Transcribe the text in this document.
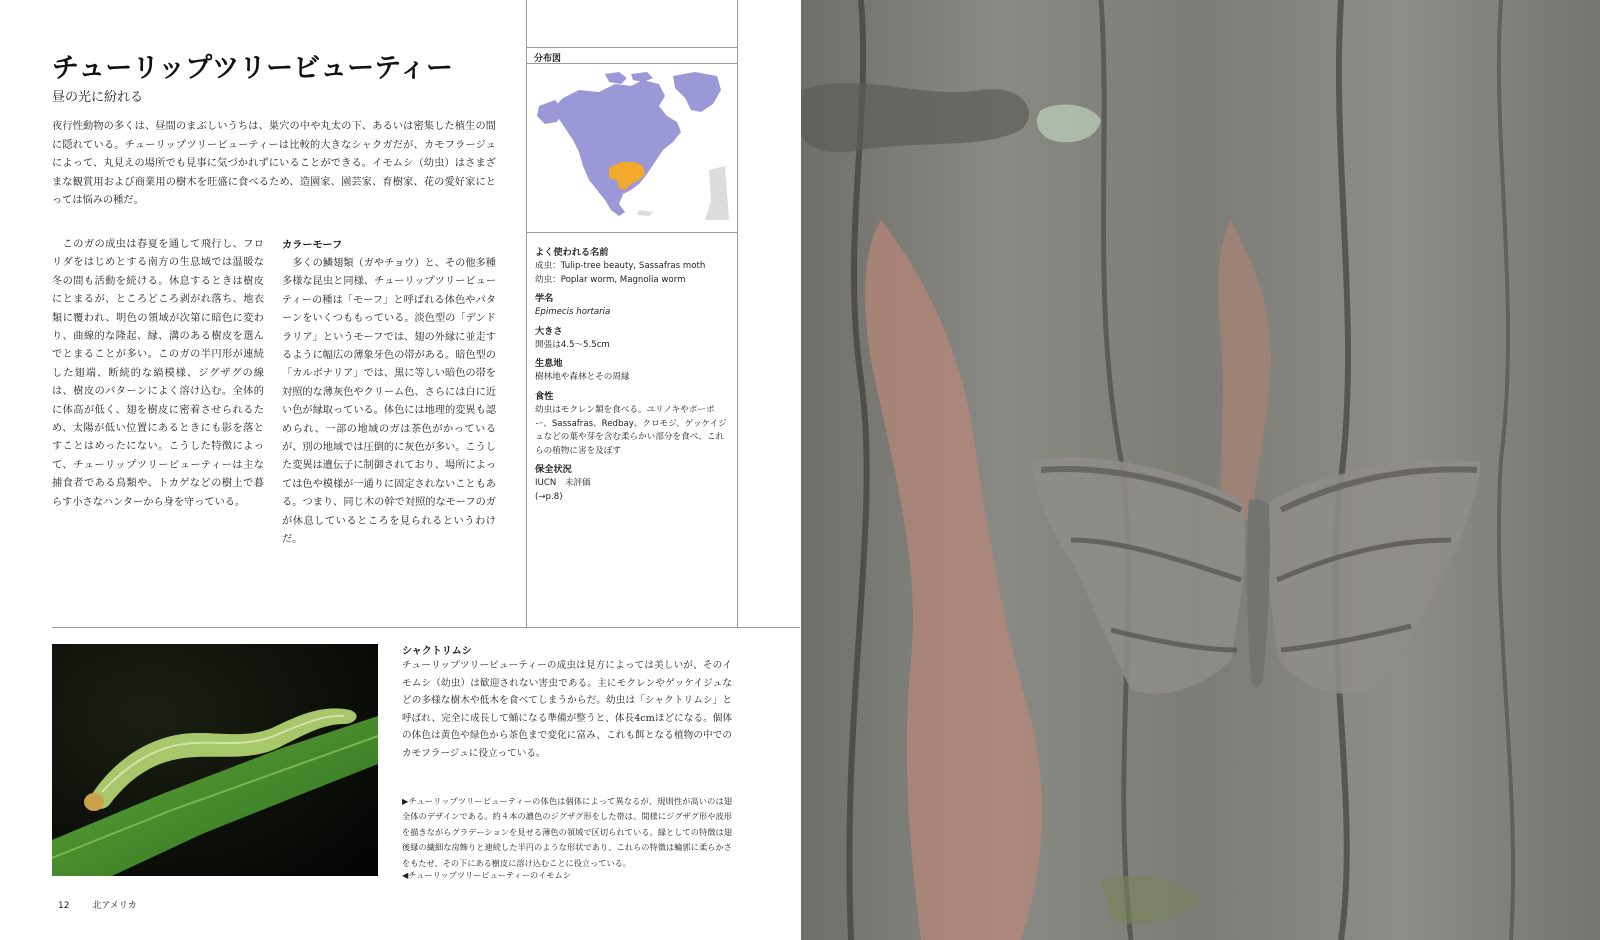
チューリップツリービューティー
昼の光に紛れる
夜行性動物の多くは、昼間のまぶしいうちは、巣穴の中や丸太の下、あるいは密集した植生の間に隠れている。チューリップツリービューティーは比較的大きなシャクガだが、カモフラージュによって、丸見えの場所でも見事に気づかれずにいることができる。イモムシ（幼虫）はさまざまな観賞用および商業用の樹木を旺盛に食べるため、造園家、園芸家、育樹家、花の愛好家にとっては悩みの種だ。
　このガの成虫は春夏を通して飛行し、フロリダをはじめとする南方の生息域では温暖な冬の間も活動を続ける。休息するときは樹皮にとまるが、ところどころ剥がれ落ち、地衣類に覆われ、明色の領域が次第に暗色に変わり、曲線的な隆起、縁、溝のある樹皮を選んでとまることが多い。このガの半円形が連続した翅端、断続的な縞模様、ジグザグの線は、樹皮のパターンによく溶け込む。全体的に体高が低く、翅を樹皮に密着させられるため、太陽が低い位置にあるときにも影を落とすことはめったにない。こうした特徴によって、チューリップツリービューティーは主な捕食者である鳥類や、トカゲなどの樹上で暮らす小さなハンターから身を守っている。
カラーモーフ
　多くの鱗翅類（ガやチョウ）と、その他多種多様な昆虫と同様、チューリップツリービューティーの種は「モーフ」と呼ばれる体色やパターンをいくつももっている。淡色型の「デンドラリア」というモーフでは、翅の外縁に並走するように幅広の薄象牙色の帯がある。暗色型の「カルボナリア」では、黒に等しい暗色の帯を対照的な薄灰色やクリーム色、さらには白に近い色が縁取っている。体色には地理的変異も認められ、一部の地域のガは茶色がかっているが、別の地域では圧倒的に灰色が多い。こうした変異は遺伝子に制御されており、場所によっては色や模様が一通りに固定されないこともある。つまり、同じ木の幹で対照的なモーフのガが休息しているところを見られるというわけだ。
分布図
よく使われる名前
成虫：Tulip-tree beauty, Sassafras moth
幼虫：Poplar worm, Magnolia worm
学名
Epimecis hortaria
大きさ
開張は4.5～5.5cm
生息地
樹林地や森林とその周縁
食性
幼虫はモクレン類を食べる。ユリノキやポーポー、Sassafras、Redbay、クロモジ、ゲッケイジュなどの葉や芽を含む柔らかい部分を食べ、これらの植物に害を及ぼす
保全状況
IUCN　未評価
(→p.8)
シャクトリムシ
チューリップツリービューティーの成虫は見方によっては美しいが、そのイモムシ（幼虫）は歓迎されない害虫である。主にモクレンやゲッケイジュなどの多様な樹木や低木を食べてしまうからだ。幼虫は「シャクトリムシ」と呼ばれ、完全に成長して蛹になる準備が整うと、体長4cmほどになる。個体の体色は黄色や緑色から茶色まで変化に富み、これも餌となる植物の中でのカモフラージュに役立っている。
▶チューリップツリービューティーの体色は個体によって異なるが、規則性が高いのは翅全体のデザインである。約４本の濃色のジグザグ形をした帯は、間様にジグザグ形や波形を描きながらグラデーションを見せる薄色の領域で区切られている。縁としての特徴は翅後縁の繊細な房飾りと連続した半円のような形状であり、これらの特徴は輪郭に柔らかさをもたせ、その下にある樹皮に溶け込むことに役立っている。
◀チューリップツリービューティーのイモムシ
12	北アメリカ
